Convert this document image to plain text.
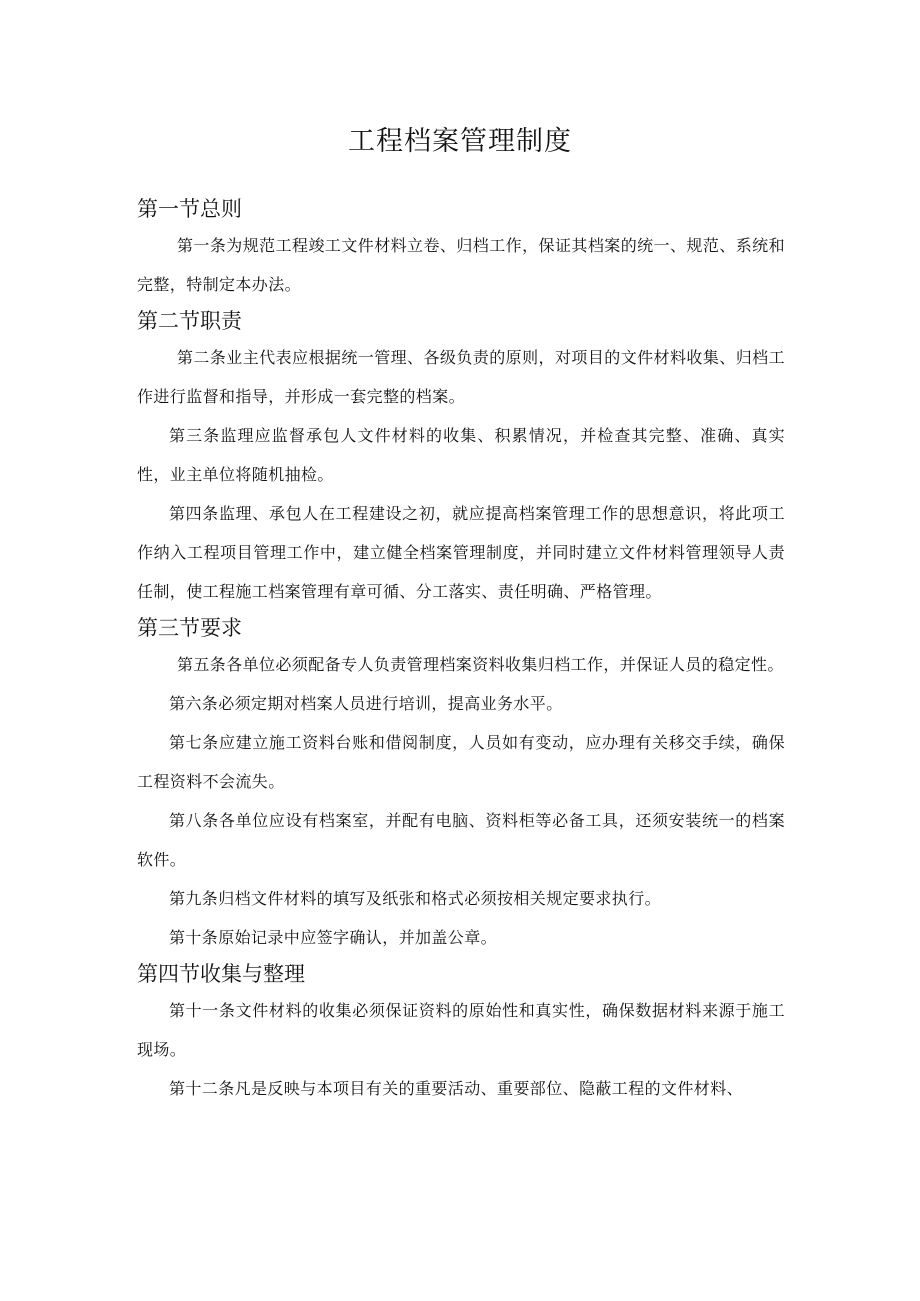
工程档案管理制度
第一节总则

第一条为规范工程竣工文件材料立卷、归档工作，保证其档案的统一、规范、系统和完整，特制定本办法。

第二节职责

第二条业主代表应根据统一管理、各级负责的原则，对项目的文件材料收集、归档工作进行监督和指导，并形成一套完整的档案。

第三条监理应监督承包人文件材料的收集、积累情况，并检查其完整、准确、真实性，业主单位将随机抽检。

第四条监理、承包人在工程建设之初，就应提高档案管理工作的思想意识，将此项工作纳入工程项目管理工作中，建立健全档案管理制度，并同时建立文件材料管理领导人责任制，使工程施工档案管理有章可循、分工落实、责任明确、严格管理。

第三节要求

第五条各单位必须配备专人负责管理档案资料收集归档工作，并保证人员的稳定性。

第六条必须定期对档案人员进行培训，提高业务水平。

第七条应建立施工资料台账和借阅制度，人员如有变动，应办理有关移交手续，确保工程资料不会流失。

第八条各单位应设有档案室，并配有电脑、资料柜等必备工具，还须安装统一的档案软件。

第九条归档文件材料的填写及纸张和格式必须按相关规定要求执行。

第十条原始记录中应签字确认，并加盖公章。

第四节收集与整理

第十一条文件材料的收集必须保证资料的原始性和真实性，确保数据材料来源于施工现场。

第十二条凡是反映与本项目有关的重要活动、重要部位、隐蔽工程的文件材料、
